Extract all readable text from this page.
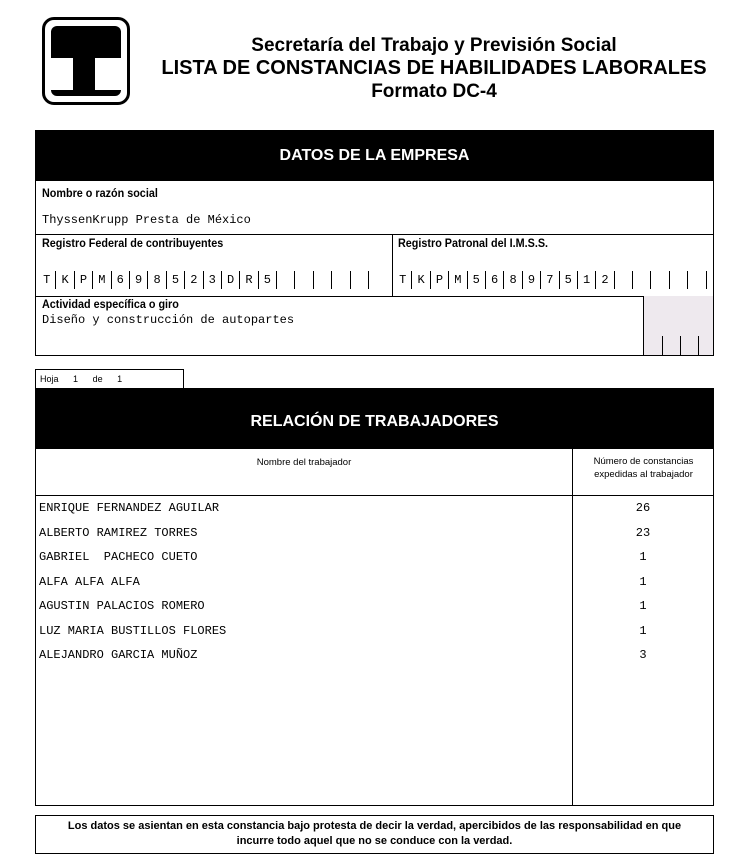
Secretaría del Trabajo y Previsión Social
LISTA DE CONSTANCIAS DE HABILIDADES LABORALES
Formato DC-4
DATOS DE LA EMPRESA
Nombre o razón social
ThyssenKrupp Presta de México
Registro Federal de contribuyentes
T K P M 6 9 8 5 2 3 D R 5
Registro Patronal del I.M.S.S.
T K P M 5 6 8 9 7 5 1 2
Actividad específica o giro
Diseño y construcción de autopartes
Hoja 1 de 1
RELACIÓN DE TRABAJADORES
Nombre del trabajador	Número de constancias expedidas al trabajador
ENRIQUE FERNANDEZ AGUILAR	26
ALBERTO RAMIREZ TORRES	23
GABRIEL  PACHECO CUETO	1
ALFA ALFA ALFA	1
AGUSTIN PALACIOS ROMERO	1
LUZ MARIA BUSTILLOS FLORES	1
ALEJANDRO GARCIA MUÑOZ	3
Los datos se asientan en esta constancia bajo protesta de decir la verdad, apercibidos de las responsabilidad en que incurre todo aquel que no se conduce con la verdad.
